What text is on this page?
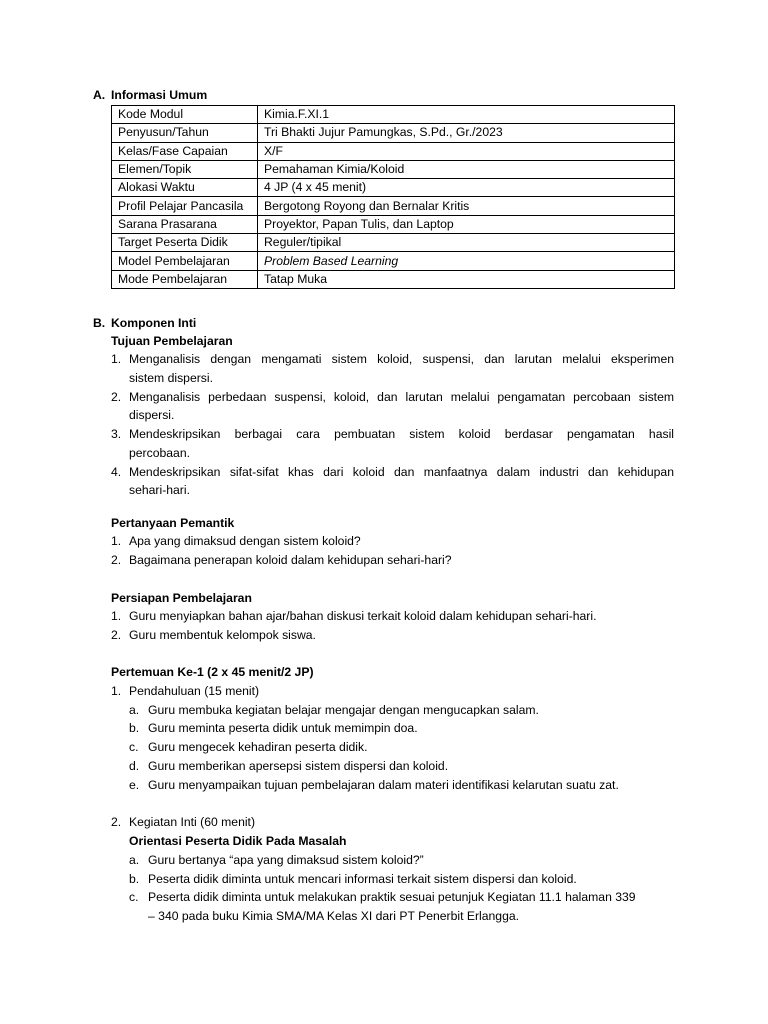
A. Informasi Umum
Kode Modul	Kimia.F.XI.1
Penyusun/Tahun	Tri Bhakti Jujur Pamungkas, S.Pd., Gr./2023
Kelas/Fase Capaian	X/F
Elemen/Topik	Pemahaman Kimia/Koloid
Alokasi Waktu	4 JP (4 x 45 menit)
Profil Pelajar Pancasila	Bergotong Royong dan Bernalar Kritis
Sarana Prasarana	Proyektor, Papan Tulis, dan Laptop
Target Peserta Didik	Reguler/tipikal
Model Pembelajaran	Problem Based Learning
Mode Pembelajaran	Tatap Muka
B. Komponen Inti
Tujuan Pembelajaran
1. Menganalisis dengan mengamati sistem koloid, suspensi, dan larutan melalui eksperimen
sistem dispersi.
2. Menganalisis perbedaan suspensi, koloid, dan larutan melalui pengamatan percobaan sistem
dispersi.
3. Mendeskripsikan berbagai cara pembuatan sistem koloid berdasar pengamatan hasil
percobaan.
4. Mendeskripsikan sifat-sifat khas dari koloid dan manfaatnya dalam industri dan kehidupan
sehari-hari.
Pertanyaan Pemantik
1. Apa yang dimaksud dengan sistem koloid?
2. Bagaimana penerapan koloid dalam kehidupan sehari-hari?
Persiapan Pembelajaran
1. Guru menyiapkan bahan ajar/bahan diskusi terkait koloid dalam kehidupan sehari-hari.
2. Guru membentuk kelompok siswa.
Pertemuan Ke-1 (2 x 45 menit/2 JP)
1. Pendahuluan (15 menit)
a. Guru membuka kegiatan belajar mengajar dengan mengucapkan salam.
b. Guru meminta peserta didik untuk memimpin doa.
c. Guru mengecek kehadiran peserta didik.
d. Guru memberikan apersepsi sistem dispersi dan koloid.
e. Guru menyampaikan tujuan pembelajaran dalam materi identifikasi kelarutan suatu zat.
2. Kegiatan Inti (60 menit)
Orientasi Peserta Didik Pada Masalah
a. Guru bertanya “apa yang dimaksud sistem koloid?”
b. Peserta didik diminta untuk mencari informasi terkait sistem dispersi dan koloid.
c. Peserta didik diminta untuk melakukan praktik sesuai petunjuk Kegiatan 11.1 halaman 339
– 340 pada buku Kimia SMA/MA Kelas XI dari PT Penerbit Erlangga.
